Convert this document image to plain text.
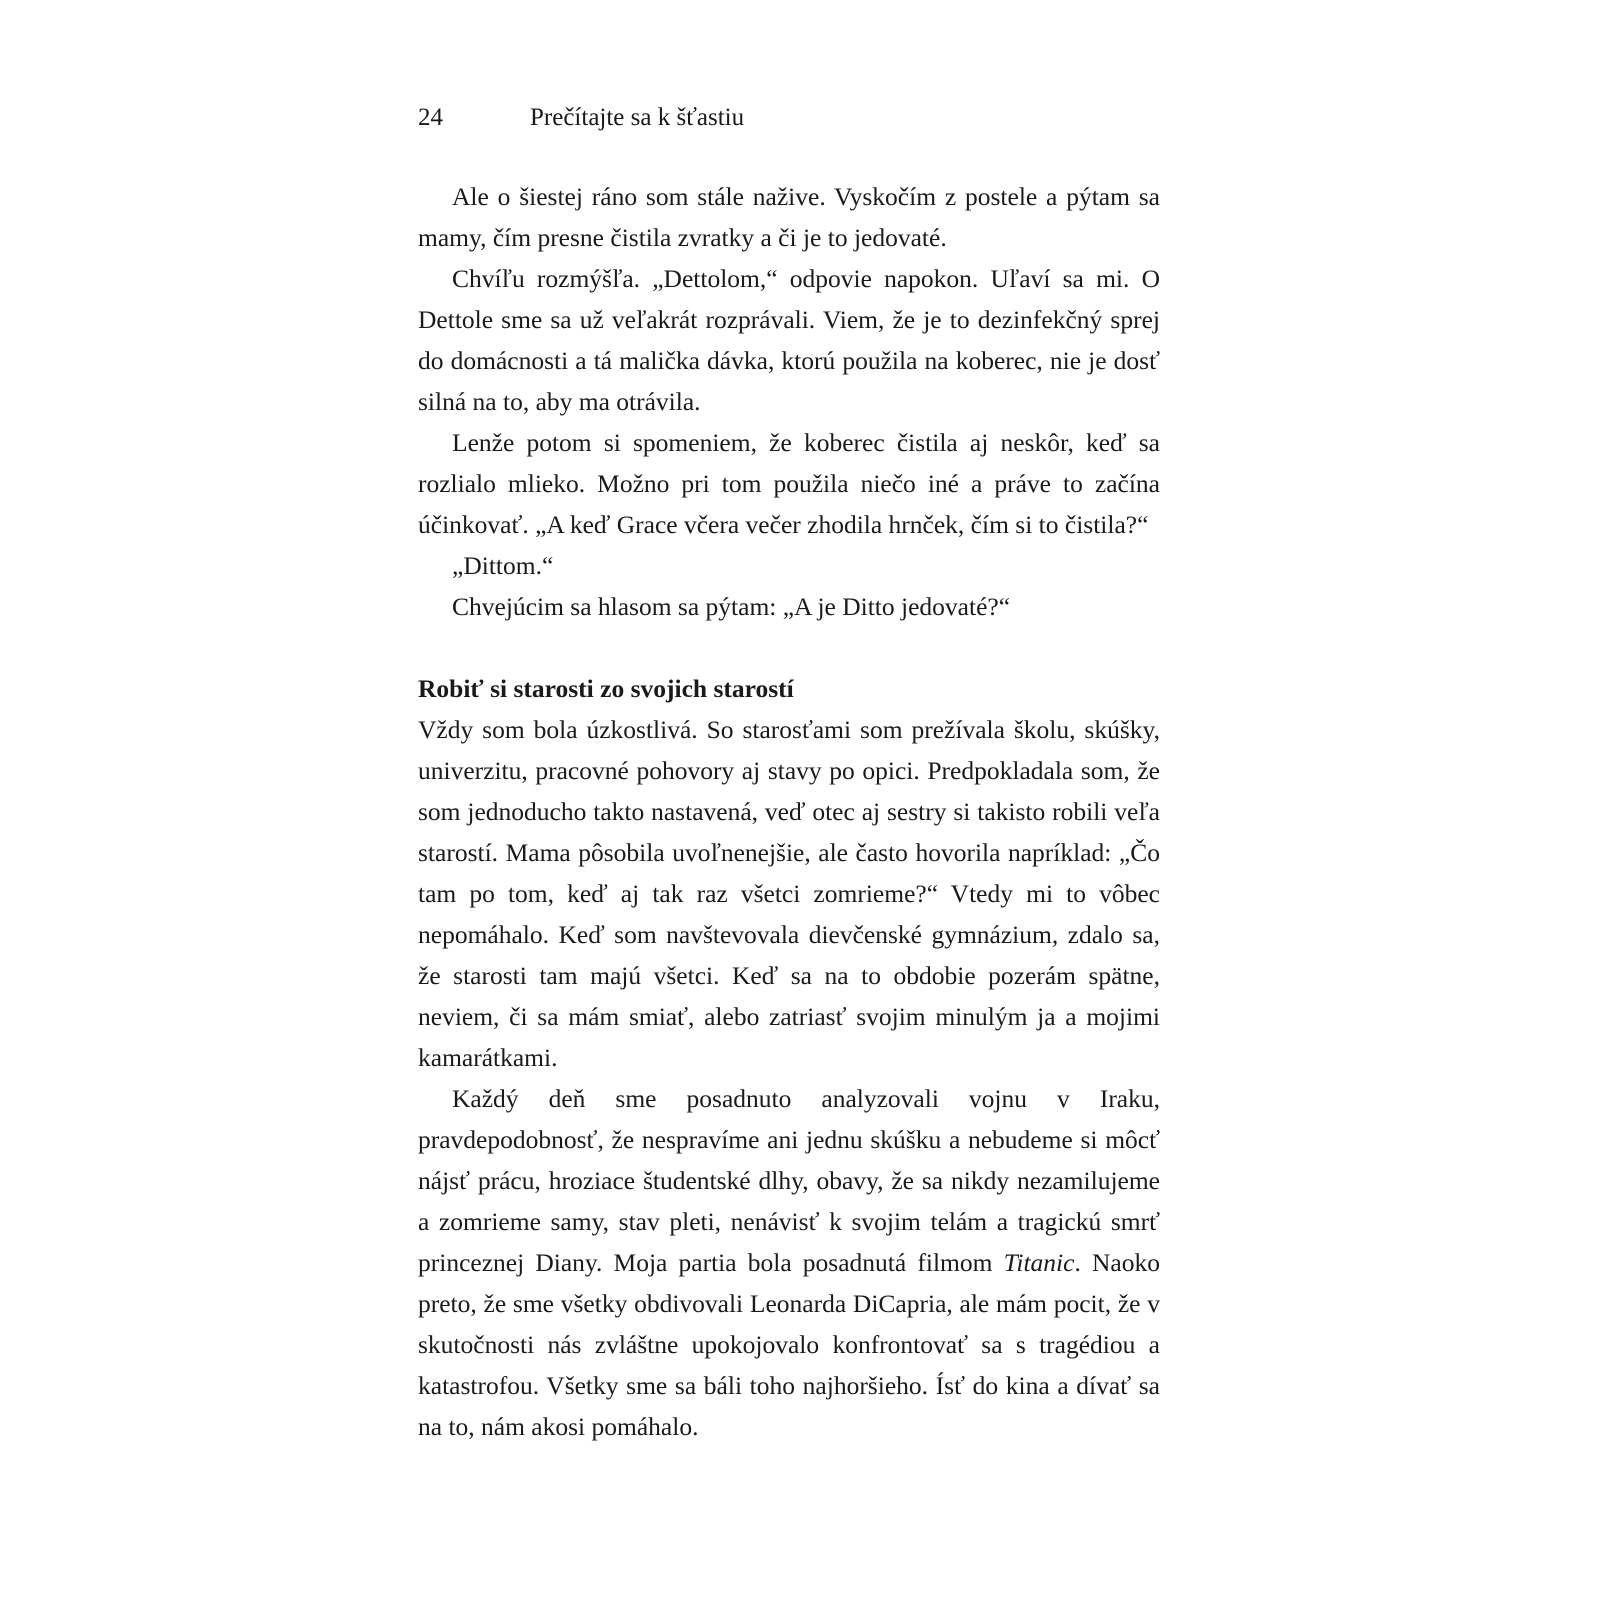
24	Prečítajte sa k šťastiu

Ale o šiestej ráno som stále nažive. Vyskočím z postele a pýtam sa mamy, čím presne čistila zvratky a či je to jedovaté.

Chvíľu rozmýšľa. „Dettolom,“ odpovie napokon. Uľaví sa mi. O Dettole sme sa už veľakrát rozprávali. Viem, že je to dezinfekčný sprej do domácnosti a tá malička dávka, ktorú použila na koberec, nie je dosť silná na to, aby ma otrávila.

Lenže potom si spomeniem, že koberec čistila aj neskôr, keď sa rozlialo mlieko. Možno pri tom použila niečo iné a práve to začína účinkovať. „A keď Grace včera večer zhodila hrnček, čím si to čistila?“

„Dittom.“

Chvejúcim sa hlasom sa pýtam: „A je Ditto jedovaté?“

Robiť si starosti zo svojich starostí

Vždy som bola úzkostlivá. So starosťami som prežívala školu, skúšky, univerzitu, pracovné pohovory aj stavy po opici. Predpokladala som, že som jednoducho takto nastavená, veď otec aj sestry si takisto robili veľa starostí. Mama pôsobila uvoľnenejšie, ale často hovorila napríklad: „Čo tam po tom, keď aj tak raz všetci zomrieme?“ Vtedy mi to vôbec nepomáhalo. Keď som navštevovala dievčenské gymnázium, zdalo sa, že starosti tam majú všetci. Keď sa na to obdobie pozerám spätne, neviem, či sa mám smiať, alebo zatriasť svojim minulým ja a mojimi kamarátkami.

Každý deň sme posadnuto analyzovali vojnu v Iraku, pravdepodobnosť, že nespravíme ani jednu skúšku a nebudeme si môcť nájsť prácu, hroziace študentské dlhy, obavy, že sa nikdy nezamilujeme a zomrieme samy, stav pleti, nenávisť k svojim telám a tragickú smrť princeznej Diany. Moja partia bola posadnutá filmom Titanic. Naoko preto, že sme všetky obdivovali Leonarda DiCapria, ale mám pocit, že v skutočnosti nás zvláštne upokojovalo konfrontovať sa s tragédiou a katastrofou. Všetky sme sa báli toho najhoršieho. Ísť do kina a dívať sa na to, nám akosi pomáhalo.
